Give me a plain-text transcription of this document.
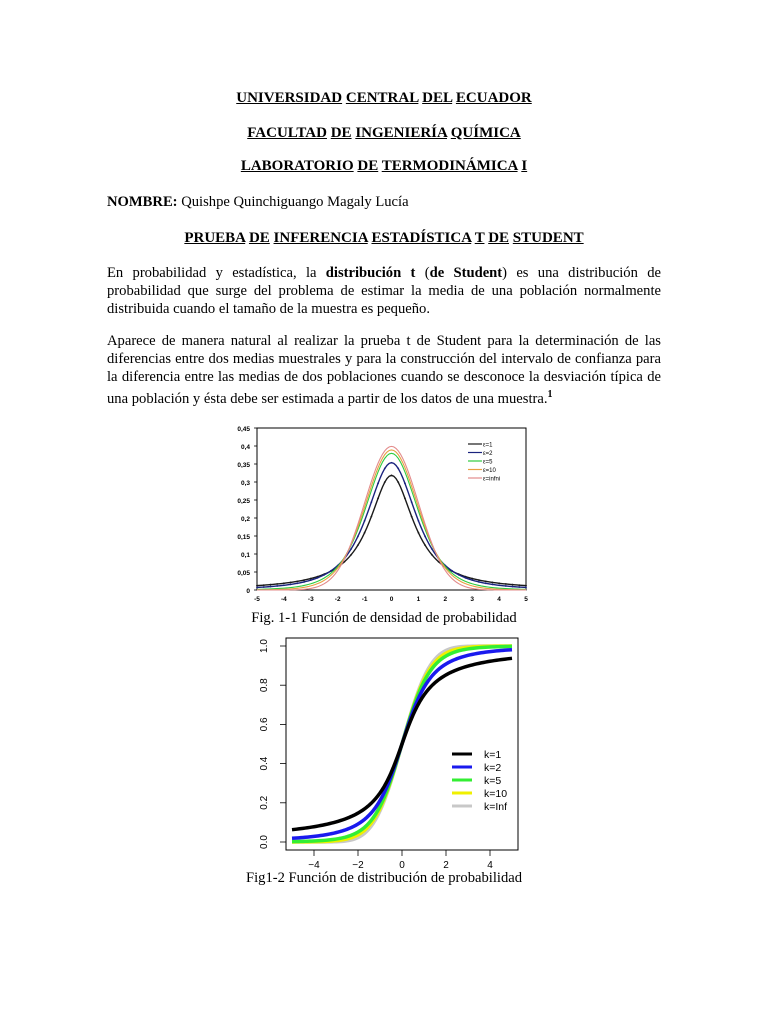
UNIVERSIDAD CENTRAL DEL ECUADOR
FACULTAD DE INGENIERÍA QUÍMICA
LABORATORIO DE TERMODINÁMICA I
NOMBRE: Quishpe Quinchiguango Magaly Lucía
PRUEBA DE INFERENCIA ESTADÍSTICA T DE STUDENT
En probabilidad y estadística, la distribución t (de Student) es una distribución de probabilidad que surge del problema de estimar la media de una población normalmente distribuida cuando el tamaño de la muestra es pequeño.
Aparece de manera natural al realizar la prueba t de Student para la determinación de las diferencias entre dos medias muestrales y para la construcción del intervalo de confianza para la diferencia entre las medias de dos poblaciones cuando se desconoce la desviación típica de una población y ésta debe ser estimada a partir de los datos de una muestra.$^1$
0
0,05
0,1
0,15
0,2
0,25
0,3
0,35
0,4
0,45
-5	-4	-3	-2	-1	0	1	2	3	4	5
ε=1
ε=2
ε=5
ε=10
ε=infni
Fig. 1-1 Función de densidad de probabilidad
0.0
0.2
0.4
0.6
0.8
1.0
−4	−2	0	2	4
k=1
k=2
k=5
k=10
k=Inf
Fig1-2 Función de distribución de probabilidad
